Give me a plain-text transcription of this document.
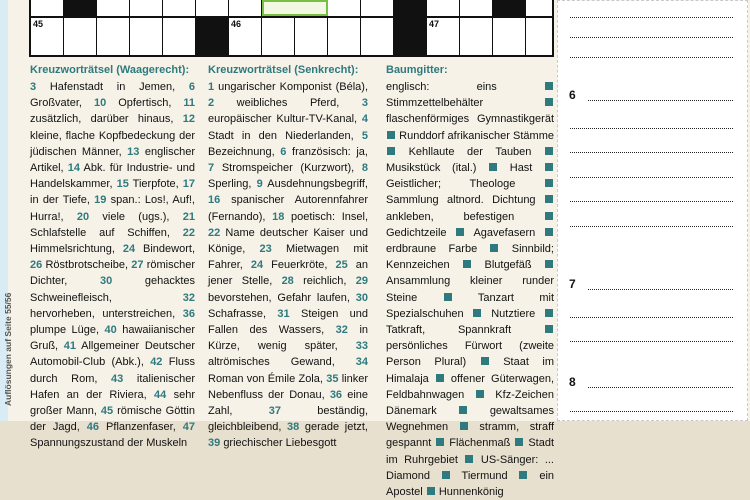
Auflösungen auf Seite 55/56
45	46	47
Kreuzworträtsel (Waagerecht):
3 Hafenstadt in Jemen, 6 Großvater, 10 Opfertisch, 11 zusätzlich, darüber hinaus, 12 kleine, flache Kopfbedeckung der jüdischen Männer, 13 englischer Artikel, 14 Abk. für Industrie- und Handelskammer, 15 Tierpfote, 17 in der Tiefe, 19 span.: Los!, Auf!, Hurra!, 20 viele (ugs.), 21 Schlafstelle auf Schiffen, 22 Himmelsrichtung, 24 Bindewort, 26 Röstbrotscheibe, 27 römischer Dichter,	30	gehacktes Schweinefleisch,	32 hervorheben, unterstreichen, 36 plumpe Lüge, 40 hawaiianischer Gruß, 41 Allgemeiner Deutscher Automobil-Club (Abk.), 42 Fluss durch Rom, 43 italienischer Hafen an der Riviera, 44 sehr großer Mann, 45 römische Göttin der Jagd, 46 Pflanzenfaser, 47 Spannungszustand der Muskeln
Kreuzworträtsel (Senkrecht):
1 ungarischer Komponist (Béla), 2 weibliches Pferd, 3 europäischer Kultur-TV-Kanal, 4 Stadt in den Niederlanden, 5 Bezeichnung, 6 französisch: ja, 7 Stromspeicher (Kurzwort), 8 Sperling, 9 Ausdehnungsbegriff, 16 spanischer Autorennfahrer (Fernando), 18 poetisch: Insel, 22 Name deutscher Kaiser und Könige, 23 Mietwagen mit Fahrer, 24 Feuerkröte, 25 an jener Stelle, 28 reichlich, 29 bevorstehen, Gefahr laufen, 30 Schafrasse, 31 Steigen und Fallen des Wassers, 32 in Kürze, wenig später, 33 altrömisches Gewand, 34 Roman von Émile Zola, 35 linker Nebenfluss der Donau, 36 eine Zahl,	37	beständig, gleichbleibend, 38 gerade jetzt, 39 griechischer Liebesgott
Baumgitter:
englisch: eins  Stimmzettelbehälter  flaschenförmiges Gymnastikgerät  Runddorf afrikanischer Stämme  Kehllaute der Tauben  Musikstück (ital.)	Hast  Geistlicher; Theologe  Sammlung altnord. Dichtung  ankleben, befestigen  Gedichtzeile Agavefasern  erdbraune Farbe	Sinnbild; Kennzeichen	Blutgefäß  Ansammlung kleiner runder Steine	Tanzart mit Spezialschuhen	Nutztiere  Tatkraft, Spannkraft  persönliches Fürwort (zweite Person Plural)	Staat im Himalaja offener Güterwagen, Feldbahnwagen	Kfz-Zeichen Dänemark	gewaltsames Wegnehmen	stramm, straff gespannt Flächenmaß Stadt im Ruhrgebiet US-Sänger: ... Diamond	Tiermund	ein Apostel Hunnenkönig
6
7
8
